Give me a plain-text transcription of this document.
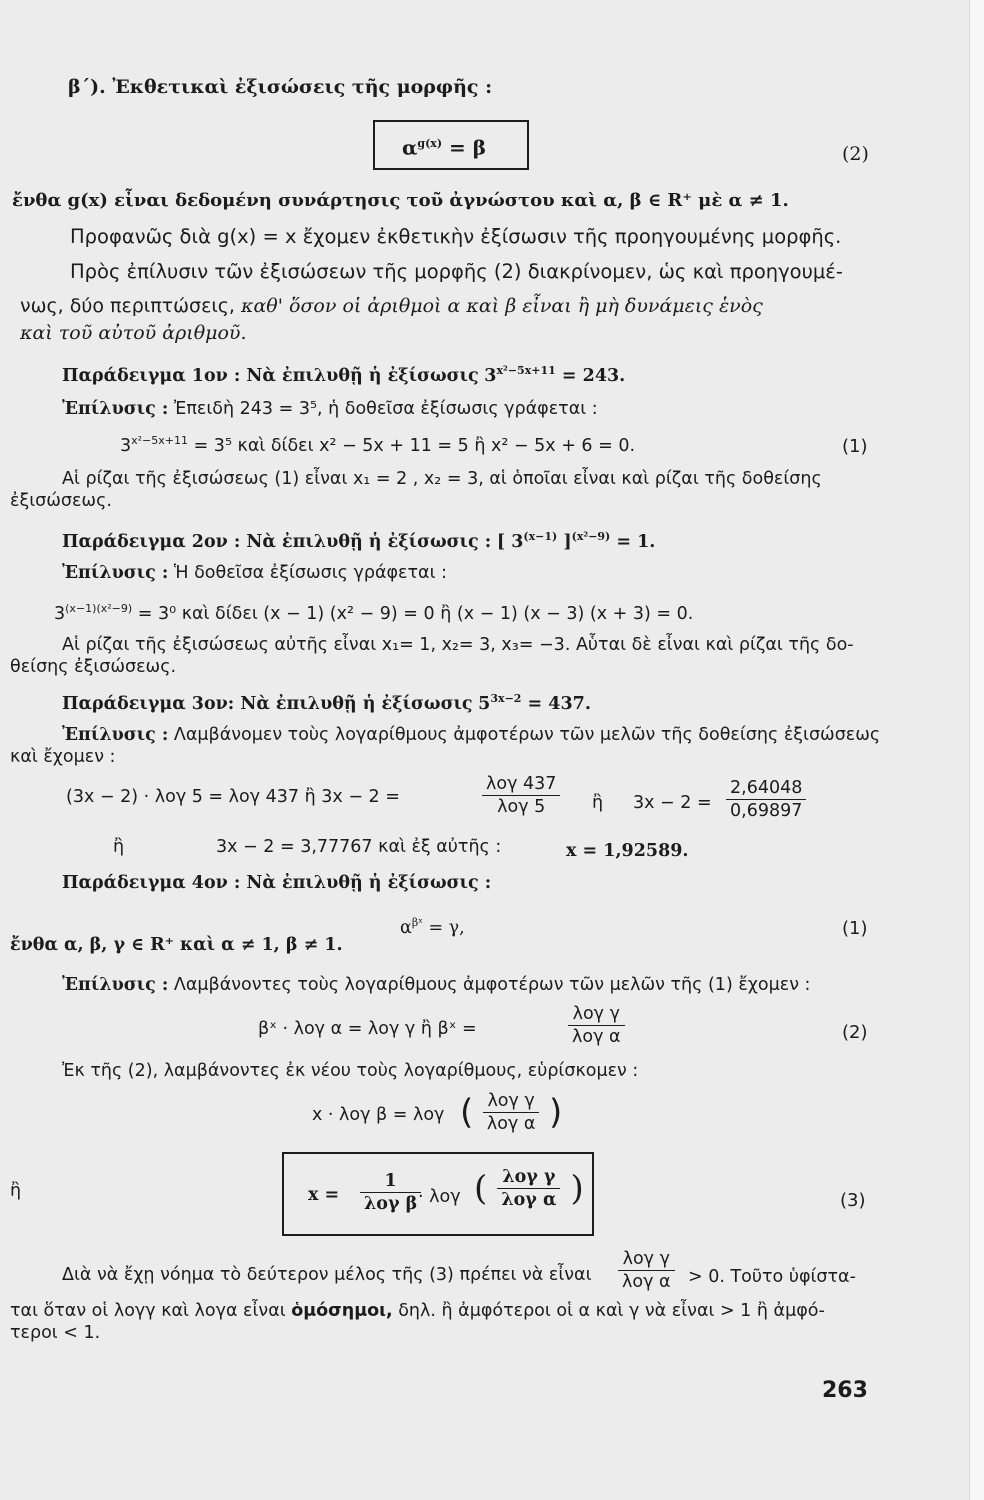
β΄). Ἐκθετικαὶ ἐξισώσεις τῆς μορφῆς :
$\alpha^{g(x)} = \beta$	(2)
ἔνθα g(x) εἶναι δεδομένη συνάρτησις τοῦ ἀγνώστου καὶ α, β ∈ R⁺ μὲ α ≠ 1.
Προφανῶς διὰ g(x) = x ἔχομεν ἐκθετικὴν ἐξίσωσιν τῆς προηγουμένης μορφῆς.
Πρὸς ἐπίλυσιν τῶν ἐξισώσεων τῆς μορφῆς (2) διακρίνομεν, ὡς καὶ προηγουμέ-
νως, δύο περιπτώσεις, καθ' ὅσον οἱ ἀριθμοὶ α καὶ β εἶναι ἢ μὴ δυνάμεις ἑνὸς
καὶ τοῦ αὐτοῦ ἀριθμοῦ.
Παράδειγμα 1ον : Νὰ ἐπιλυθῇ ἡ ἐξίσωσις $3^{x^2-5x+11} = 243$.
Ἐπίλυσις : Ἐπειδὴ 243 = 3⁵, ἡ δοθεῖσα ἐξίσωσις γράφεται :
$3^{x^2-5x+11} = 3^5$ καὶ δίδει x² − 5x + 11 = 5 ἢ x² − 5x + 6 = 0.	(1)
Αἱ ρίζαι τῆς ἐξισώσεως (1) εἶναι x₁ = 2 , x₂ = 3, αἱ ὁποῖαι εἶναι καὶ ρίζαι τῆς δοθείσης
ἐξισώσεως.
Παράδειγμα 2ον : Νὰ ἐπιλυθῇ ἡ ἐξίσωσις : [ $3^{(x-1)}$ ]$^{(x^2-9)}$ = 1.
Ἐπίλυσις : Ἡ δοθεῖσα ἐξίσωσις γράφεται :
$3^{(x-1)(x^2-9)} = 3^0$ καὶ δίδει (x − 1) (x² − 9) = 0 ἢ (x − 1) (x − 3) (x + 3) = 0.
Αἱ ρίζαι τῆς ἐξισώσεως αὐτῆς εἶναι x₁= 1, x₂= 3, x₃= −3. Αὗται δὲ εἶναι καὶ ρίζαι τῆς δο-
θείσης ἐξισώσεως.
Παράδειγμα 3ον: Νὰ ἐπιλυθῇ ἡ ἐξίσωσις $5^{3x-2} = 437$.
Ἐπίλυσις : Λαμβάνομεν τοὺς λογαρίθμους ἀμφοτέρων τῶν μελῶν τῆς δοθείσης ἐξισώσεως
καὶ ἔχομεν :
(3x − 2) · λογ 5 = λογ 437 ἢ 3x − 2 =	$\frac{\text{λογ 437}}{\text{λογ 5}}$ ἢ $3x - 2 = \frac{2,64048}{0,69897}$
ἢ	3x − 2 = 3,77767 καὶ ἐξ αὐτῆς :	x = 1,92589.
Παράδειγμα 4ον : Νὰ ἐπιλυθῇ ἡ ἐξίσωσις :
$\alpha^{\beta ˣ} = \gamma$,	(1)
ἔνθα α, β, γ ∈ R⁺ καὶ α ≠ 1, β ≠ 1.
Ἐπίλυσις : Λαμβάνοντες τοὺς λογαρίθμους ἀμφοτέρων τῶν μελῶν τῆς (1) ἔχομεν :
βˣ · λογ α = λογ γ ἢ βˣ =	$\frac{\text{λογ γ}}{\text{λογ α}}$	(2)
Ἐκ τῆς (2), λαμβάνοντες ἐκ νέου τοὺς λογαρίθμους, εὑρίσκομεν :
x · λογ β = λογ ( $\frac{\text{λογ γ}}{\text{λογ α}}$ )
ἢ	$x = \frac{1}{\text{λογ β}}$
· λογ ( $\frac{\text{λογ γ}}{\text{λογ α}}$ )	(3)
Διὰ νὰ ἔχῃ νόημα τὸ δεύτερον μέλος τῆς (3) πρέπει νὰ εἶναι $\frac{\text{λογ γ}}{\text{λογ α}} > 0$. Τοῦτο ὑφίστα-
ται ὅταν οἱ λογγ καὶ λογα εἶναι ὁμόσημοι, δηλ. ἢ ἀμφότεροι οἱ α καὶ γ νὰ εἶναι > 1 ἢ ἀμφό-
τεροι < 1.
263
